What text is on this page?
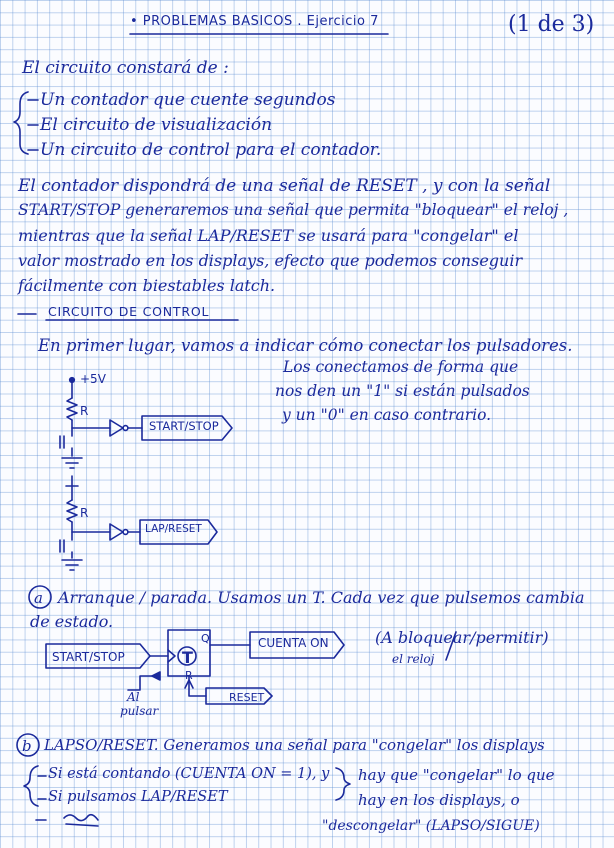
• PROBLEMAS BASICOS . Ejercicio 7	(1 de 3)
El circuito constará de :
Un contador que cuente segundos
El circuito de visualización
Un circuito de control para el contador.
El contador dispondrá de una señal de RESET , y con la señal
START/STOP generaremos una señal que permita "bloquear" el reloj ,
mientras que la señal LAP/RESET se usará para "congelar" el
valor mostrado en los displays, efecto que podemos conseguir
fácilmente con biestables latch.
CIRCUITO DE CONTROL
En primer lugar, vamos a indicar cómo conectar los pulsadores.
Los conectamos de forma que
nos den un "1" si están pulsados
y un "0" en caso contrario.
+5V
R
R
START/STOP
LAP/RESET
Arranque / parada. Usamos un T. Cada vez que pulsemos cambia
de estado.
START/STOP	T
Q
R
CUENTA ON	(A bloquear/permitir)
el reloj
RESET
Al
pulsar
LAPSO/RESET. Generamos una señal para "congelar" los displays
Si está contando (CUENTA ON = 1), y
Si pulsamos LAP/RESET
hay que "congelar" lo que
hay en los displays, o
"descongelar" (LAPSO/SIGUE)
a
b
